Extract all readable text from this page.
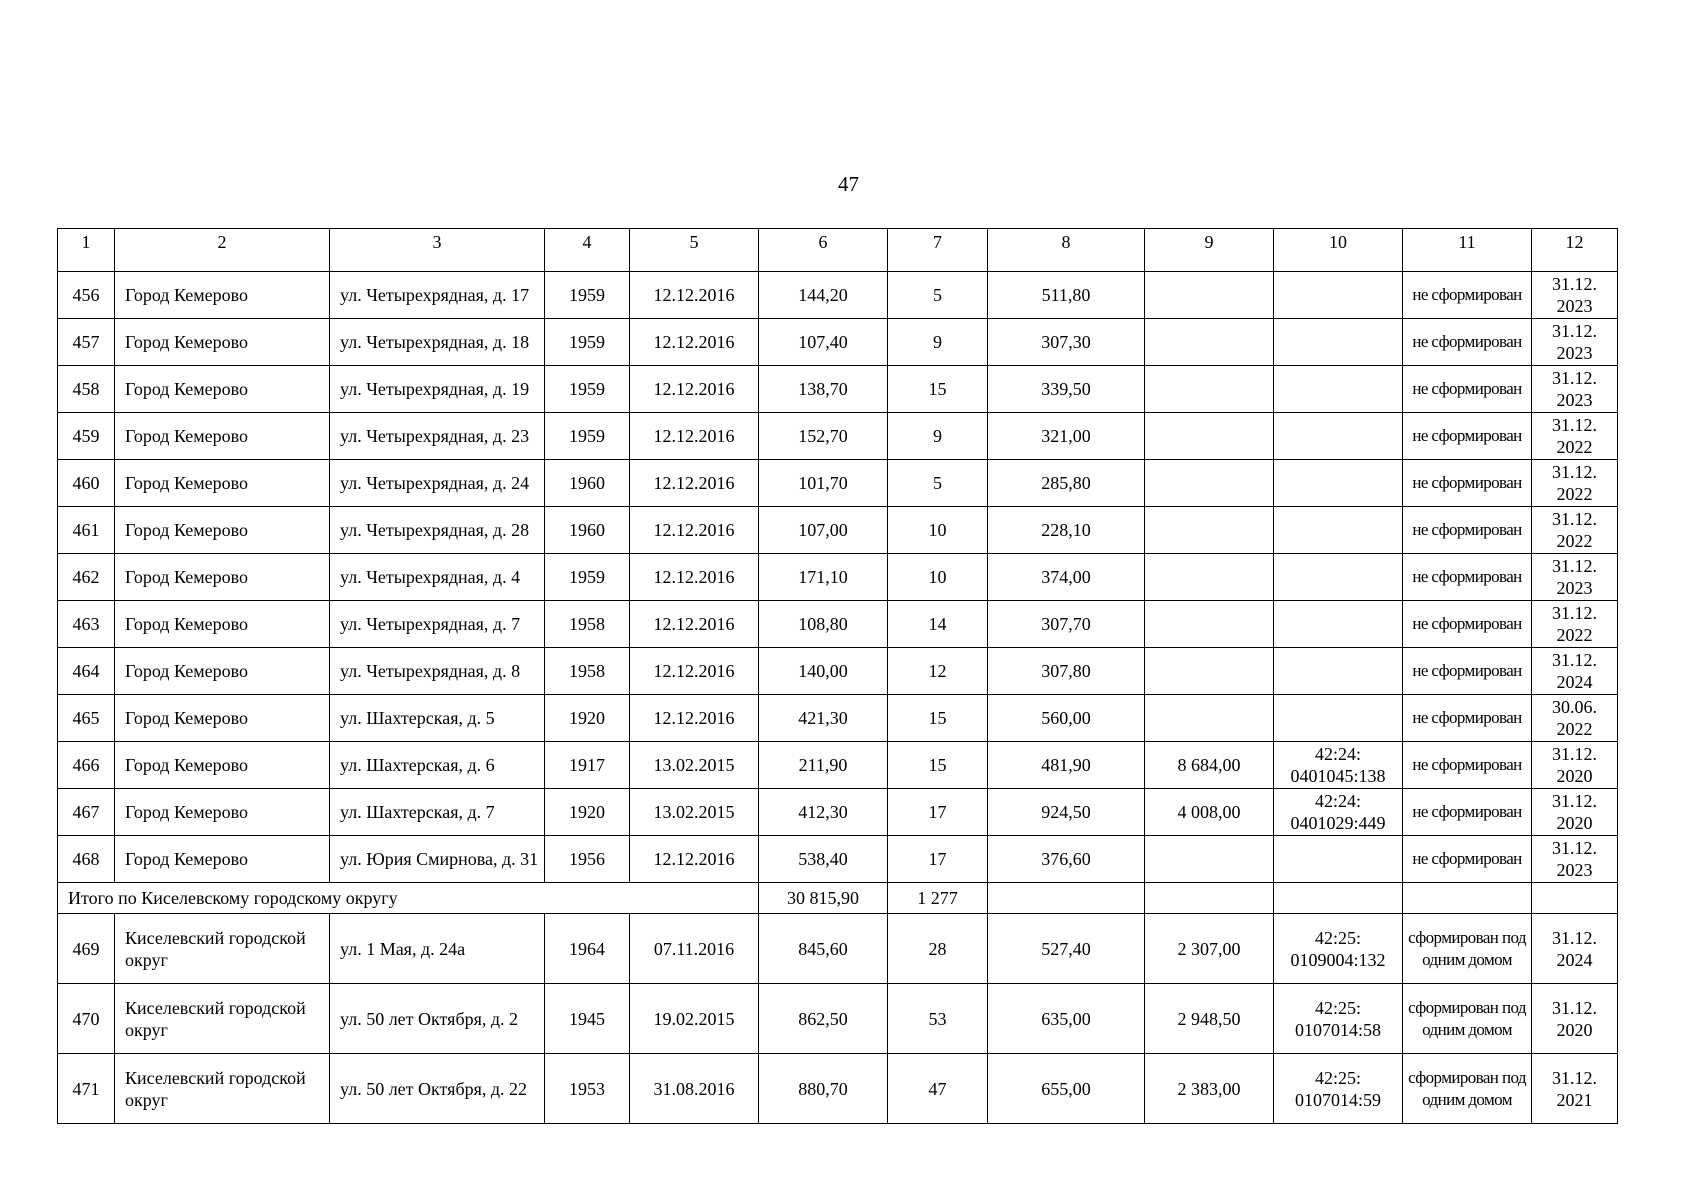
47
1	2	3	4	5	6	7	8	9	10	11	12
456	Город Кемерово	ул. Четырехрядная, д. 17	1959	12.12.2016	144,20	5	511,80			не сформирован	31.12. 2023
457	Город Кемерово	ул. Четырехрядная, д. 18	1959	12.12.2016	107,40	9	307,30			не сформирован	31.12. 2023
458	Город Кемерово	ул. Четырехрядная, д. 19	1959	12.12.2016	138,70	15	339,50			не сформирован	31.12. 2023
459	Город Кемерово	ул. Четырехрядная, д. 23	1959	12.12.2016	152,70	9	321,00			не сформирован	31.12. 2022
460	Город Кемерово	ул. Четырехрядная, д. 24	1960	12.12.2016	101,70	5	285,80			не сформирован	31.12. 2022
461	Город Кемерово	ул. Четырехрядная, д. 28	1960	12.12.2016	107,00	10	228,10			не сформирован	31.12. 2022
462	Город Кемерово	ул. Четырехрядная, д. 4	1959	12.12.2016	171,10	10	374,00			не сформирован	31.12. 2023
463	Город Кемерово	ул. Четырехрядная, д. 7	1958	12.12.2016	108,80	14	307,70			не сформирован	31.12. 2022
464	Город Кемерово	ул. Четырехрядная, д. 8	1958	12.12.2016	140,00	12	307,80			не сформирован	31.12. 2024
465	Город Кемерово	ул. Шахтерская, д. 5	1920	12.12.2016	421,30	15	560,00			не сформирован	30.06. 2022
466	Город Кемерово	ул. Шахтерская, д. 6	1917	13.02.2015	211,90	15	481,90	8 684,00	42:24: 0401045:138	не сформирован	31.12. 2020
467	Город Кемерово	ул. Шахтерская, д. 7	1920	13.02.2015	412,30	17	924,50	4 008,00	42:24: 0401029:449	не сформирован	31.12. 2020
468	Город Кемерово	ул. Юрия Смирнова, д. 31	1956	12.12.2016	538,40	17	376,60			не сформирован	31.12. 2023
Итого по Киселевскому городскому округу					30 815,90	1 277					
469	Киселевский городской округ	ул. 1 Мая, д. 24а	1964	07.11.2016	845,60	28	527,40	2 307,00	42:25: 0109004:132	сформирован под одним домом	31.12. 2024
470	Киселевский городской округ	ул. 50 лет Октября, д. 2	1945	19.02.2015	862,50	53	635,00	2 948,50	42:25: 0107014:58	сформирован под одним домом	31.12. 2020
471	Киселевский городской округ	ул. 50 лет Октября, д. 22	1953	31.08.2016	880,70	47	655,00	2 383,00	42:25: 0107014:59	сформирован под одним домом	31.12. 2021
